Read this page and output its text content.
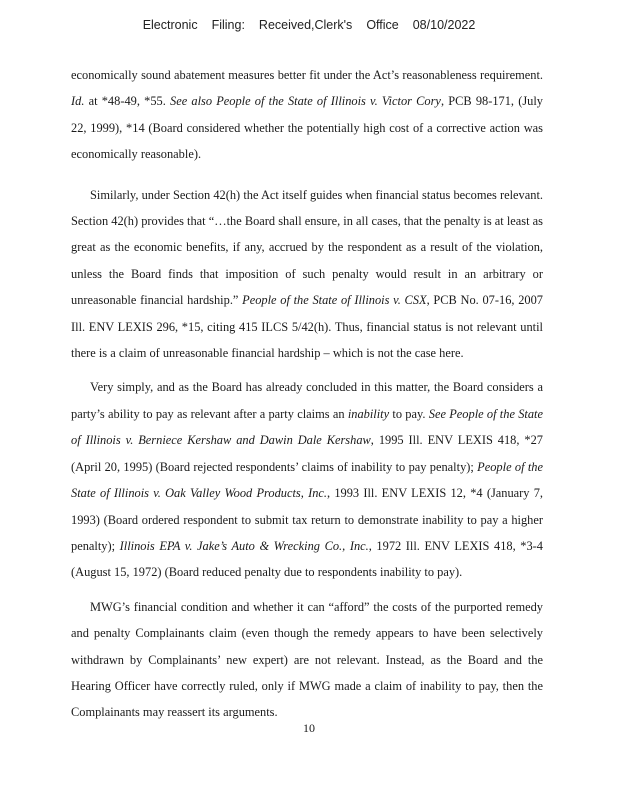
Electronic Filing: Received,Clerk's Office 08/10/2022

economically sound abatement measures better fit under the Act’s reasonableness requirement. Id. at *48-49, *55. See also People of the State of Illinois v. Victor Cory, PCB 98-171, (July 22, 1999), *14 (Board considered whether the potentially high cost of a corrective action was economically reasonable).

Similarly, under Section 42(h) the Act itself guides when financial status becomes relevant. Section 42(h) provides that “…the Board shall ensure, in all cases, that the penalty is at least as great as the economic benefits, if any, accrued by the respondent as a result of the violation, unless the Board finds that imposition of such penalty would result in an arbitrary or unreasonable financial hardship.” People of the State of Illinois v. CSX, PCB No. 07-16, 2007 Ill. ENV LEXIS 296, *15, citing 415 ILCS 5/42(h). Thus, financial status is not relevant until there is a claim of unreasonable financial hardship – which is not the case here.

Very simply, and as the Board has already concluded in this matter, the Board considers a party’s ability to pay as relevant after a party claims an inability to pay. See People of the State of Illinois v. Berniece Kershaw and Dawin Dale Kershaw, 1995 Ill. ENV LEXIS 418, *27 (April 20, 1995) (Board rejected respondents’ claims of inability to pay penalty); People of the State of Illinois v. Oak Valley Wood Products, Inc., 1993 Ill. ENV LEXIS 12, *4 (January 7, 1993) (Board ordered respondent to submit tax return to demonstrate inability to pay a higher penalty); Illinois EPA v. Jake’s Auto & Wrecking Co., Inc., 1972 Ill. ENV LEXIS 418, *3-4 (August 15, 1972) (Board reduced penalty due to respondents inability to pay).

MWG’s financial condition and whether it can “afford” the costs of the purported remedy and penalty Complainants claim (even though the remedy appears to have been selectively withdrawn by Complainants’ new expert) are not relevant. Instead, as the Board and the Hearing Officer have correctly ruled, only if MWG made a claim of inability to pay, then the Complainants may reassert its arguments.

10
